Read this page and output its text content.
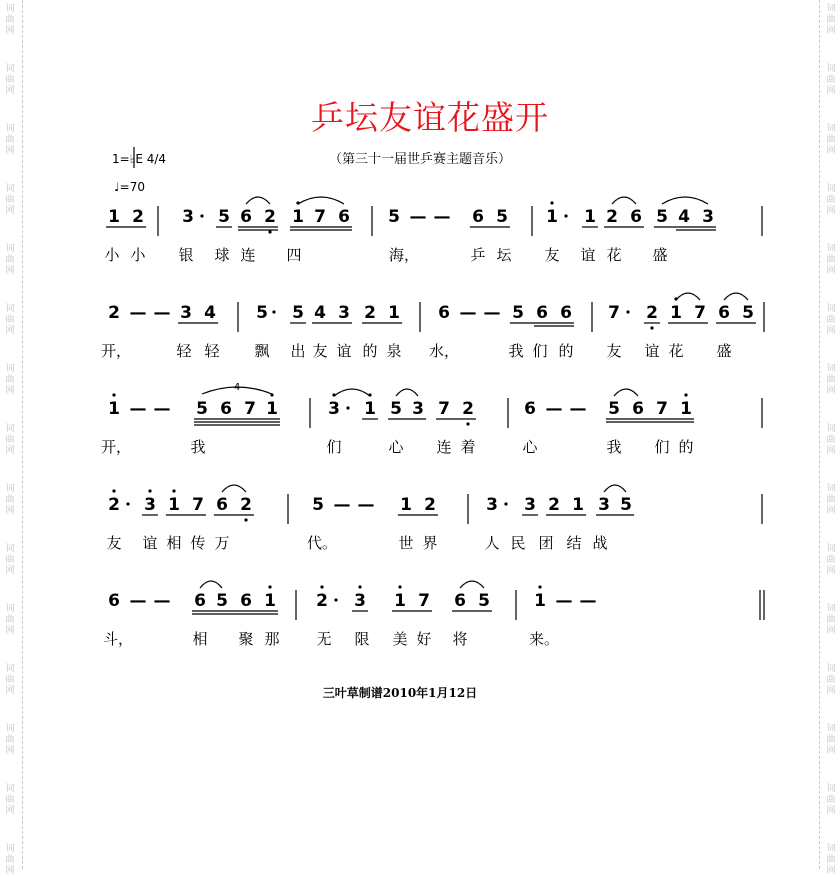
词
曲
网
词
曲
网
词
曲
网
词
曲
网
词
曲
网
词
曲
网
词
曲
网
词
曲
网
词
曲
网
词
曲
网
词
曲
网
词
曲
网
词
曲
网
词
曲
网
词
曲
网
词
曲
网
词
曲
网
词
曲
网
词
曲
网
词
曲
网
词
曲
网
词
曲
网
词
曲
网
词
曲
网
词
曲
网
词
曲
网
词
曲
网
词
曲
网
词
曲
网
词
曲
网
乒坛友谊花盛开
（第三十一届世乒赛主题音乐）
1=♭E 4/4
♩=70
三叶草制谱2010年1月12日
1 2 3 5 6 2 1 7 6 5 — — 6 5 1 1 2 6 5 4 3
小 小 银 球 连 四	海，	乒 坛 友 谊 花 盛
2 — — 3 4 5 5 4 3 2 1 6 — — 5 6 6 7 2 1 7 6 5
开，	轻 轻 飘 出 友 谊 的 泉 水，	我 们 的 友 谊 花 盛
1 — — 5 6 7 1
4
3 1 5 3 7 2	6 — — 5 6 7 1
开，	我	们	心 连 着	心	我 们 的
2 3 1 7 6 2	5 — — 1 2	3 3 2 1 3 5
友 谊 相 传 万	代。	世 界	人 民 团 结 战
6 — — 6 5 6 1 2 3 1 7 6 5	1 — —
斗，	相 聚 那 无 限 美 好 将	来。
